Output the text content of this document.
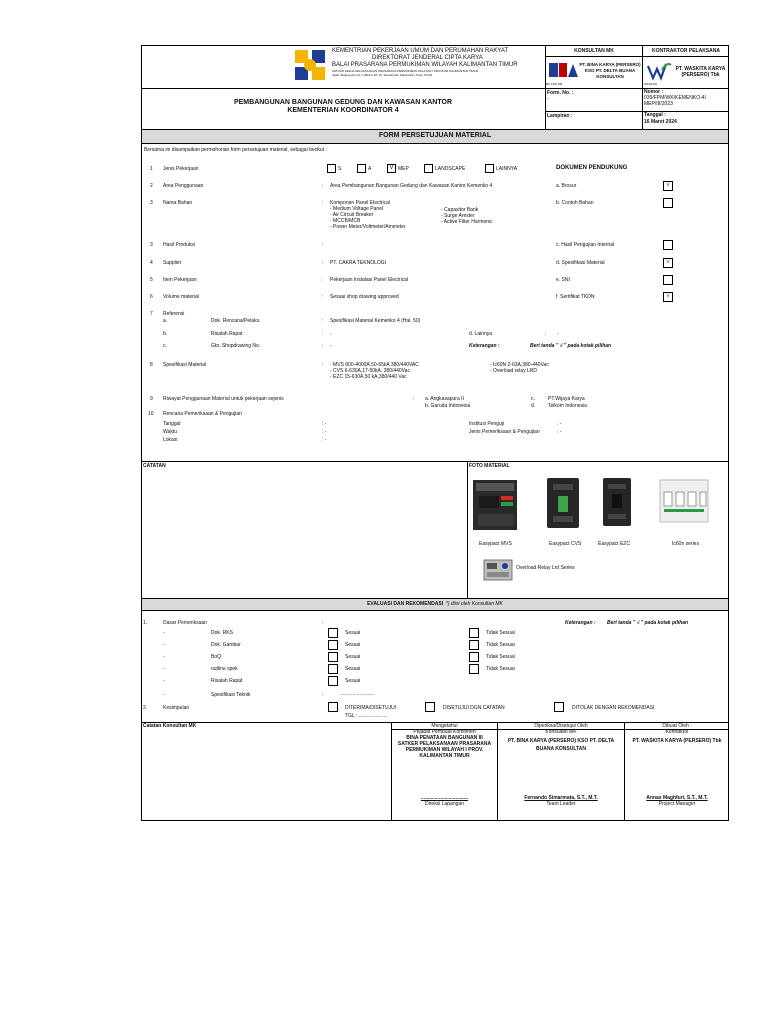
KEMENTRIAN PEKERJAAN UMUM DAN PERUMAHAN RAKYAT
DIREKTORAT JENDERAL CIPTA KARYA
BALAI PRASARANA PERMUKIMAN WILAYAH KALIMANTAN TIMUR
SATUAN KERJA PELAKSANAAN PRASARANA PERMUKIMAN WILAYAH I PROVINSI KALIMANTAN TIMUR
Jalan Tanjung Aru No. 1 Blok 6 RT 44, Samarinda, Kalimantan Timur 75123
KONSULTAN MK	KONTRAKTOR PELAKSANA
BK KSO DB
PT. BINA KARYA (PERSERO) KSO PT. DELTA BUANA KONSULTAN
WASKITA
PT. WASKITA KARYA (PERSERO) Tbk
PEMBANGUNAN BANGUNAN GEDUNG DAN KAWASAN KANTOR
KEMENTERIAN KOORDINATOR 4
Form. No. :
-
Lampiran :
Nomor :
039/FPM/WK/KEMENKO-4/ MEP/III/2023
Tanggal :
16 Maret 2024
FORM PERSETUJUAN MATERIAL
Bersama ini disampaikan permohonan form persetujuan material, sebagai berikut :
1 Jenis Pekerjaan	S	A	V MEP	LANDSCAPE	LAINNYA	DOKUMEN PENDUKUNG
2 Area Penggunaan	: Area Pembangunan Bangunan Gedung dan Kawasan Kantor Kemenko 4
3 Nama Bahan	: Komponen Panel Electrical
- Medium Voltage Panel
- Air Circuit Breaker
- MCCB/MCB
- Power Meter/Voltmeter/Ammeter
- Capasitor Bank
- Surge Arester
- Active Filter Harmonic
3 Hasil Produksi	:
4 Supplier	: PT. CAKRA TEKNOLOGI
5 Item Pekerjaan	: Pekerjaan Instalasi Panel Electrical
6 Volume material	: Sesuai shop drawing approved
a. Brosur	√
b. Contoh Bahan
c. Hasil Pengujian Internal
d. Spesifikasi Material	√
e. SNI
f. Sertifikat TKDN	√
7 Referensi
a.	Dok. Rencana/Pelaks.	: Spesifikasi Material Kemenko 4 (Hal. 50)
b.	Risalah Rapat	: -	d. Lainnya	: -
c.	Gbr. Shopdrawing No.	: -	Keterangan :	Beri tanda " √ " pada kotak pilihan
8 Spesifikasi Material	: - MVS 800-4000A,50-65kA 380/440VAC
- CVS 6-630A,17-50kA, 380/440Vac
- EZC 15-630A,50 kA,380/440 Vac
- Ic60N 2-63A,380-440Vac
- Overload relay LRD
9 Riwayat Penggunaan Material untuk pekerjaan sejenis	: a. Angkasapura II
b. Garuda Indonesia
c.	PT.Wijaya Karya
d.	Telkom Indonesia
10 Rencana Pemeriksaan & Pengujian
Tanggal	: -
Waktu	: -
Lokasi	: -
Institusi Penguji	: -
Jenis Pemeriksaan & Pengujian	: -
CATATAN	FOTO MATERIAL
Easypact MVS	Easypact CVS	Easypact EZC	Ic60n series
Overload Relay Lrd Series
EVALUASI DAN REKOMENDASI *) diisi oleh Konsultan MK
1.	Dasar Pemeriksaan	:	Keterangan : Beri tanda " √ " pada kotak pilihan
-	Dok. RKS	Sesuai	Tidak Sesuai
-	Dok. Gambar	Sesuai	Tidak Sesuai
-	BoQ	Sesuai	Tidak Sesuai
-	outline spek	Sesuai	Tidak Sesuai
-	Risalah Rapat	Sesuai
-	Spesifikasi Teknik	:	.........................
2.	Kesimpulan	DITERIMA/DISETUJUI	DISETUJUI DGN CATATAN	DITOLAK DENGAN REKOMENDASI
TGL : .....................
Catatan Konsultan MK	Mengetahui
Pejabat Pembuat Komitmen
BINA PENATAAN BANGUNAN III
SATKER PELAKSANAAN PRASARANA
PERMUKIMAN WILAYAH I PROV.
KALIMANTAN TIMUR
..................................
Direksi Lapangan
Diperiksa/Disetujui Oleh
Konsultan MK
PT. BINA KARYA (PERSERO) KSO PT. DELTA
BUANA KONSULTAN
Fernando Simarmata, S.T., M.T.
Team Leader
Dibuat Oleh :
Kontraktor
PT. WASKITA KARYA (PERSERO) Tbk
Annas Maghfuri, S.T., M.T.
Project Manager
